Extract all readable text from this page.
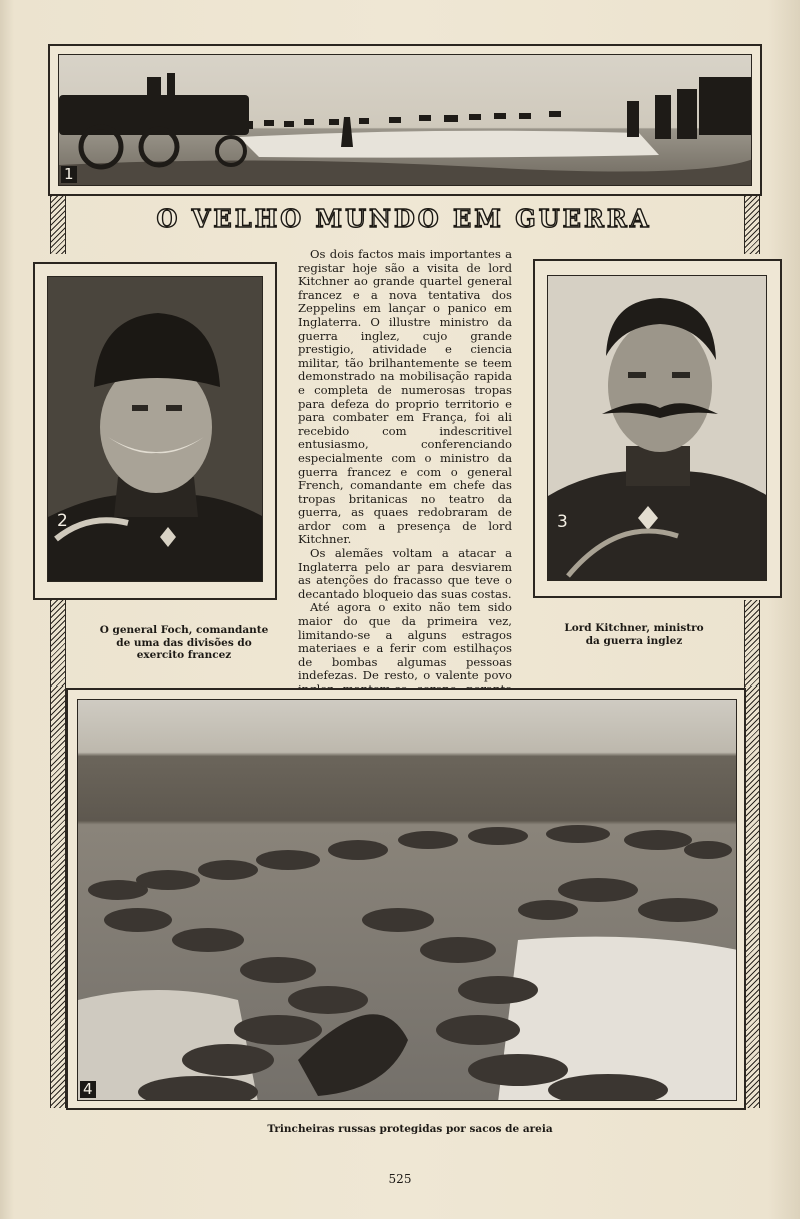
1
O VELHO MUNDO EM GUERRA
2	3

Os dois factos mais importantes a registar hoje são a visita de lord Kitchner ao grande quartel general francez e a nova tentativa dos Zeppelins em lançar o panico em Inglaterra. O illustre ministro da guerra inglez, cujo grande prestigio, atividade e ciencia militar, tão brilhantemente se teem demonstrado na mobilisação rapida e completa de numerosas tropas para defeza do proprio territorio e para combater em França, foi ali recebido com indescritivel entusiasmo, conferenciando especialmente com o ministro da guerra francez e com o general French, comandante em chefe das tropas britanicas no teatro da guerra, as quaes redobraram de ardor com a presença de lord Kitchner.

Os alemães voltam a atacar a Inglaterra pelo ar para desviarem as atenções do fracasso que teve o decantado bloqueio das suas costas.

Até agora o exito não tem sido maior do que da primeira vez, limitando-se a alguns estragos materiaes e a ferir com estilhaços de bombas algumas pessoas indefezas. De resto, o valente povo

O general Foch, comandante de uma das divisões do exercito francez
Lord Kitchner, ministro da guerra inglez
4
Trincheiras russas protegidas por sacos de areia
525
